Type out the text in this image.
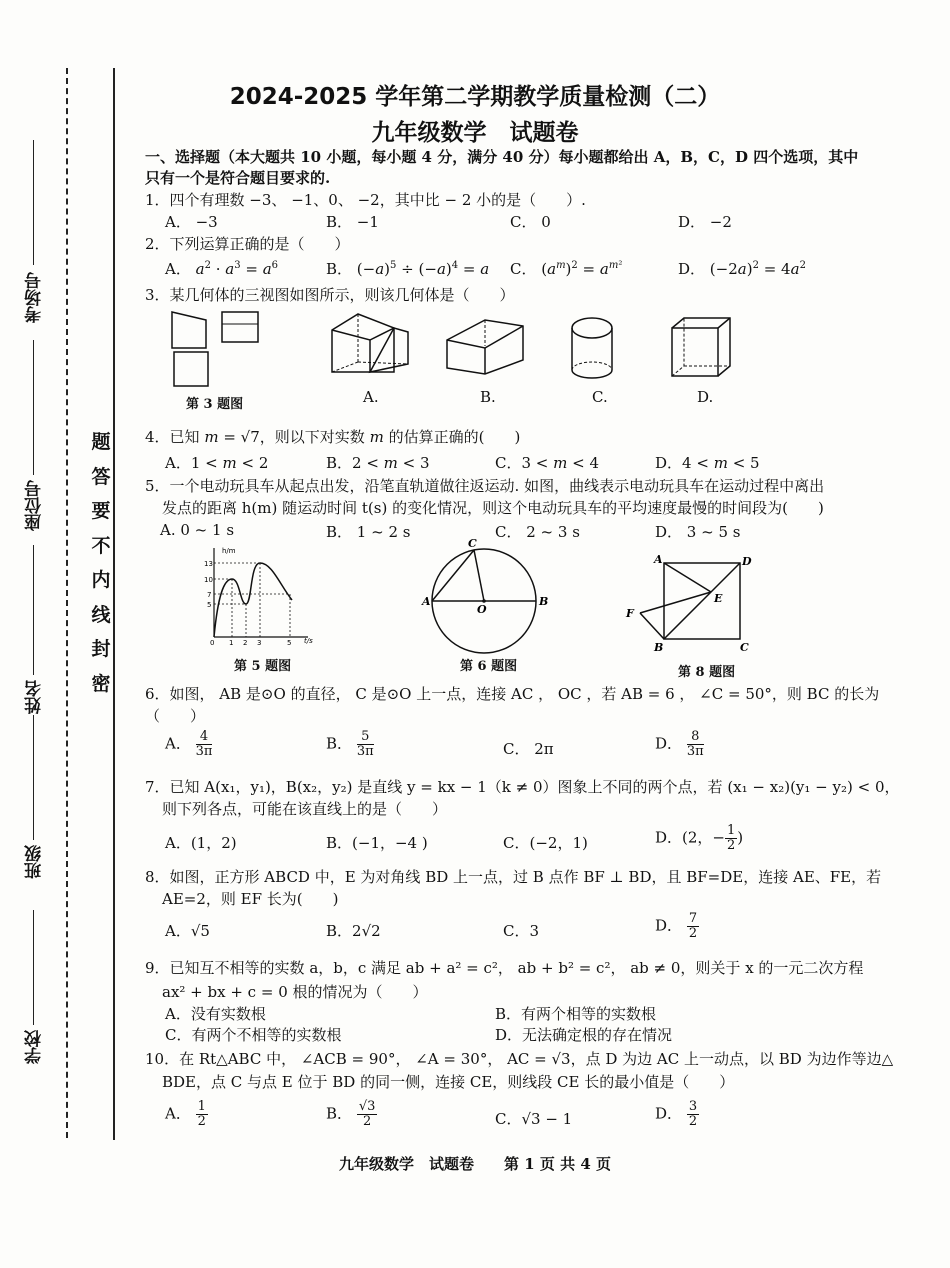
考场号
座位号
姓名
班级
学校
题
答
要
不
内
线
封
密
2024-2025 学年第二学期教学质量检测（二）
九年级数学　试题卷
一、选择题（本大题共 10 小题，每小题 4 分，满分 40 分）每小题都给出 A，B，C，D 四个选项，其中
只有一个是符合题目要求的.
1．四个有理数 −3、 −1、0、 −2，其中比 − 2 小的是（　　）.
A． −3	B． −1	C． 0	D． −2
2．下列运算正确的是（　　）
A． $a^2 \cdot a^3 = a^6$	B． $(-a)^5 \div (-a)^4 = a$ C． $(a^m)^2 = a^{m^2}$	D． $(-2a)^2 = 4a^2$
3．某几何体的三视图如图所示，则该几何体是（　　）
第 3 题图	A.	B.	C.	D.
4．已知 m = √7，则以下对实数 m 的估算正确的(　　)
A．1 < m < 2	B．2 < m < 3	C．3 < m < 4	D．4 < m < 5
5．一个电动玩具车从起点出发，沿笔直轨道做往返运动. 如图，曲线表示电动玩具车在运动过程中离出
发点的距离 h(m) 随运动时间 t(s) 的变化情况，则这个电动玩具车的平均速度最慢的时间段为(　　)
A. 0 ~ 1 s	B． 1 ~ 2 s	C． 2 ~ 3 s	D． 3 ~ 5 s
h/m
t/s
13
10
7
5
0 1 2 3	5
第 5 题图
C
A
O
B
第 6 题图
A	D
E
F
B	C
第 8 题图
6．如图， AB 是⊙O 的直径， C 是⊙O 上一点，连接 AC ， OC ，若 AB = 6 ， ∠C = 50°，则 BC 的长为
（　　）
A． $\frac{4}{3\pi}$	B． $\frac{5}{3\pi}$	C． 2π	D． $\frac{8}{3\pi}$
7．已知 A(x₁，y₁)，B(x₂，y₂) 是直线 y = kx − 1（k ≠ 0）图象上不同的两个点，若 (x₁ − x₂)(y₁ − y₂) < 0，
则下列各点，可能在该直线上的是（　　）
A．(1，2)	B．(−1，−4 )	C．(−2，1)	D．(2，− $\frac{1}{2}$ )
8．如图，正方形 ABCD 中，E 为对角线 BD 上一点，过 B 点作 BF ⊥ BD，且 BF=DE，连接 AE、FE，若
AE=2，则 EF 长为(　　)
A．√5	B．2√2	C．3	D． $\frac{7}{2}$
9．已知互不相等的实数 a，b，c 满足 ab + a² = c²， ab + b² = c²， ab ≠ 0，则关于 x 的一元二次方程
ax² + bx + c = 0 根的情况为（　　）
A．没有实数根	B．有两个相等的实数根
C．有两个不相等的实数根	D．无法确定根的存在情况
10．在 Rt△ABC 中， ∠ACB = 90°， ∠A = 30°， AC = √3，点 D 为边 AC 上一动点，以 BD 为边作等边△
BDE，点 C 与点 E 位于 BD 的同一侧，连接 CE，则线段 CE 长的最小值是（　　）
A． $\frac{1}{2}$	B． $\frac{√3}{2}$	C．√3 − 1	D． $\frac{3}{2}$
九年级数学　试题卷　　第 1 页 共 4 页
